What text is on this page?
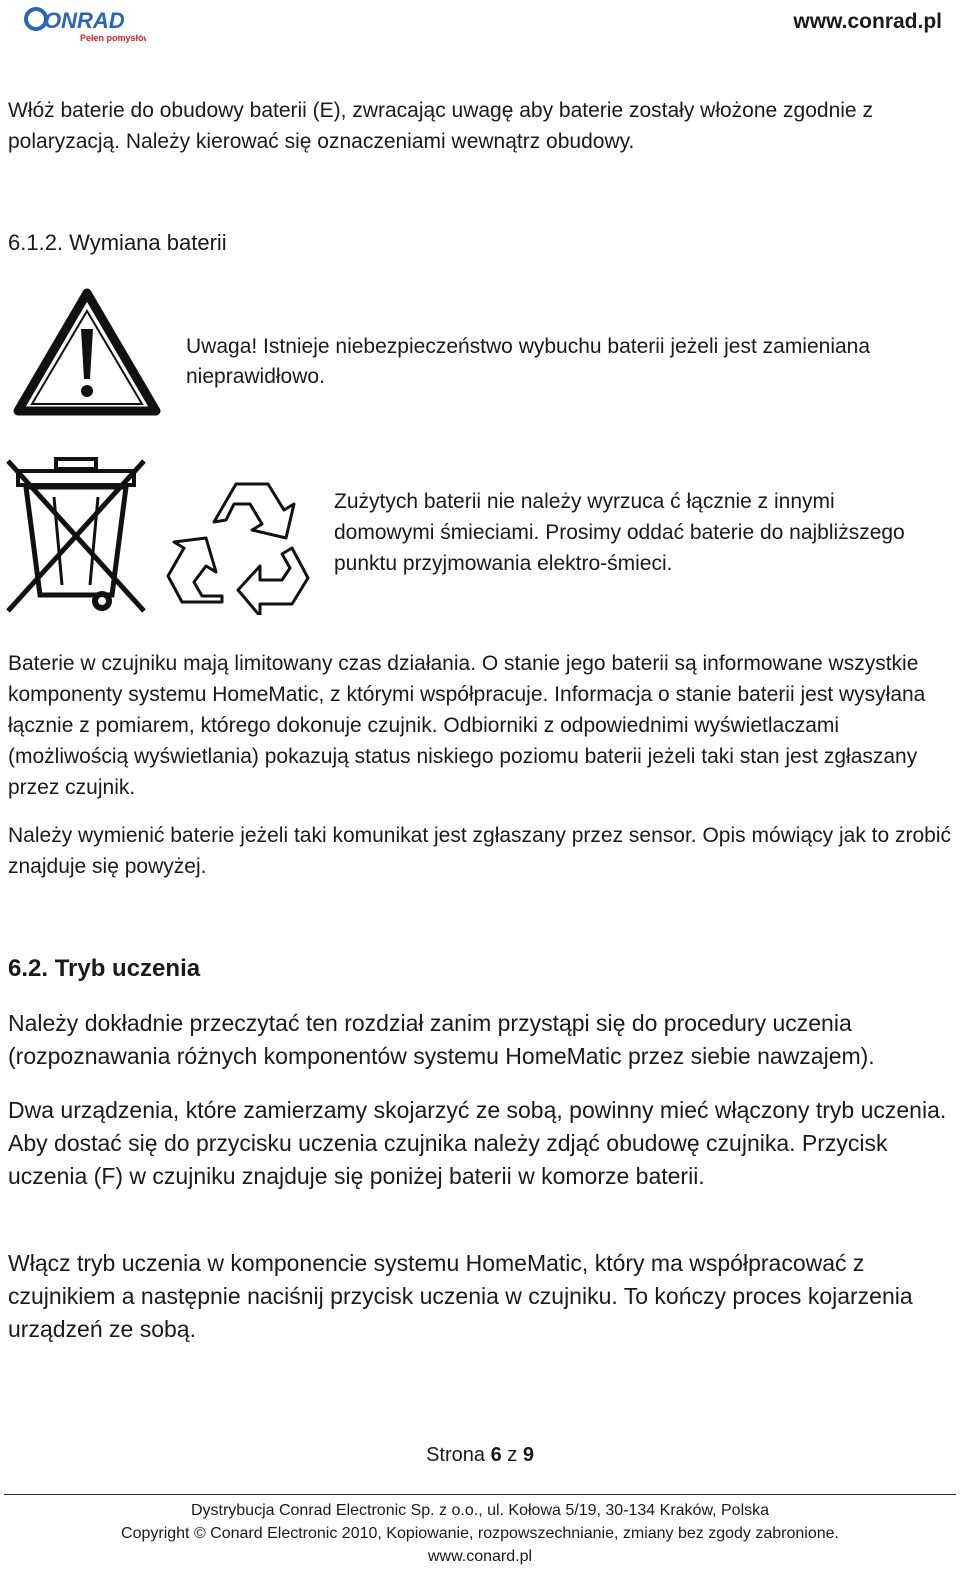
ONRAD
Pełen pomysłów
www.conrad.pl
Włóż baterie do obudowy baterii (E), zwracając uwagę aby baterie zostały włożone zgodnie z polaryzacją. Należy kierować się oznaczeniami wewnątrz obudowy.
6.1.2. Wymiana baterii
Uwaga! Istnieje niebezpieczeństwo wybuchu baterii jeżeli jest zamieniana nieprawidłowo.
Zużytych baterii nie należy wyrzuca ć łącznie z innymi domowymi śmieciami. Prosimy oddać baterie do najbliższego punktu przyjmowania elektro-śmieci.
Baterie w czujniku mają limitowany czas działania. O stanie jego baterii są informowane wszystkie komponenty systemu HomeMatic, z którymi współpracuje. Informacja o stanie baterii jest wysyłana łącznie z pomiarem, którego dokonuje czujnik. Odbiorniki z odpowiednimi wyświetlaczami (możliwością wyświetlania) pokazują status niskiego poziomu baterii jeżeli taki stan jest zgłaszany przez czujnik.
Należy wymienić baterie jeżeli taki komunikat jest zgłaszany przez sensor. Opis mówiący jak to zrobić znajduje się powyżej.
6.2. Tryb uczenia
Należy dokładnie przeczytać ten rozdział zanim przystąpi się do procedury uczenia (rozpoznawania różnych komponentów systemu HomeMatic przez siebie nawzajem).
Dwa urządzenia, które zamierzamy skojarzyć ze sobą, powinny mieć włączony tryb uczenia. Aby dostać się do przycisku uczenia czujnika należy zdjąć obudowę czujnika. Przycisk uczenia (F) w czujniku znajduje się poniżej baterii w komorze baterii.
Włącz tryb uczenia w komponencie systemu HomeMatic, który ma współpracować z czujnikiem a następnie naciśnij przycisk uczenia w czujniku. To kończy proces kojarzenia urządzeń ze sobą.
Strona 6 z 9
Dystrybucja Conrad Electronic Sp. z o.o., ul. Kołowa 5/19, 30-134 Kraków, Polska
Copyright © Conard Electronic 2010, Kopiowanie, rozpowszechnianie, zmiany bez zgody zabronione.
www.conard.pl
